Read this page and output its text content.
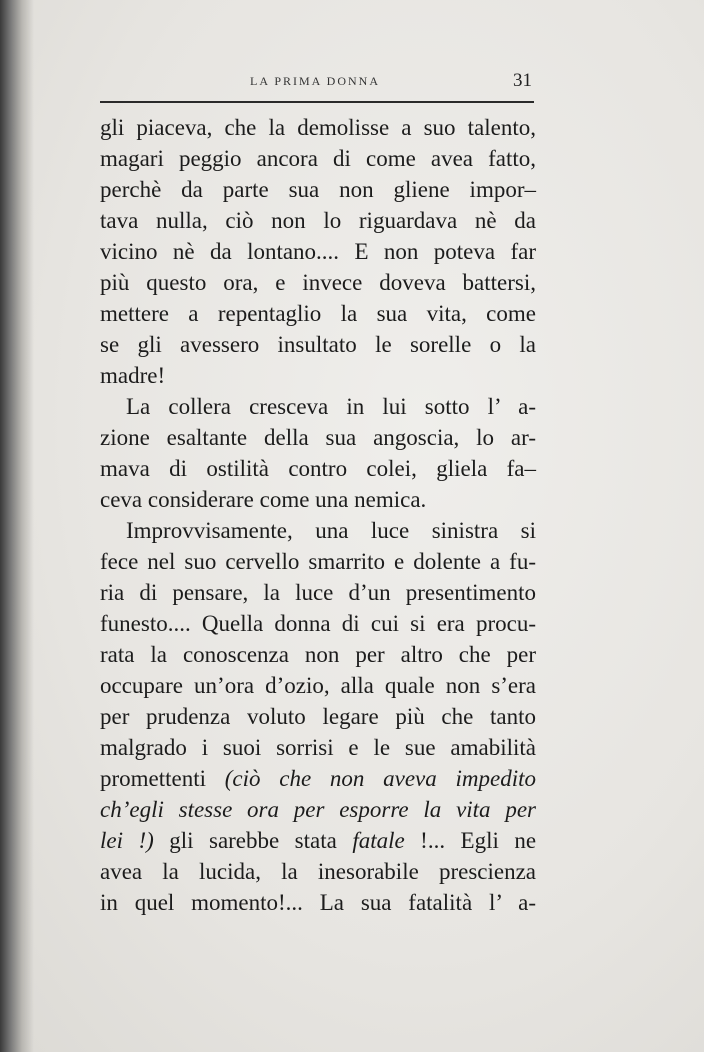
LA PRIMA DONNA	31
gli piaceva, che la demolisse a suo talento,
magari peggio ancora di come avea fatto,
perchè da parte sua non gliene impor–
tava nulla, ciò non lo riguardava nè da
vicino nè da lontano.... E non poteva far
più questo ora, e invece doveva battersi,
mettere a repentaglio la sua vita, come
se gli avessero insultato le sorelle o la
madre!
La collera cresceva in lui sotto l’ a-
zione esaltante della sua angoscia, lo ar-
mava di ostilità contro colei, glielа fa–
ceva considerare come una nemica.
Improvvisamente, una luce sinistra si
fece nel suo cervello smarrito e dolente a fu-
ria di pensare, la luce d’un presentimento
funesto.... Quella donna di cui si era procu-
rata la conoscenza non per altro che per
occupare un’ora d’ozio, alla quale non s’era
per prudenza voluto legare più che tanto
malgrado i suoi sorrisi e le sue amabilità
promettenti (ciò che non aveva impedito
ch’egli stesse ora per esporre la vita per
lei !) gli sarebbe stata fatale !... Egli ne
avea la lucida, la inesorabile prescienza
in quel momento!... La sua fatalità l’ a-
